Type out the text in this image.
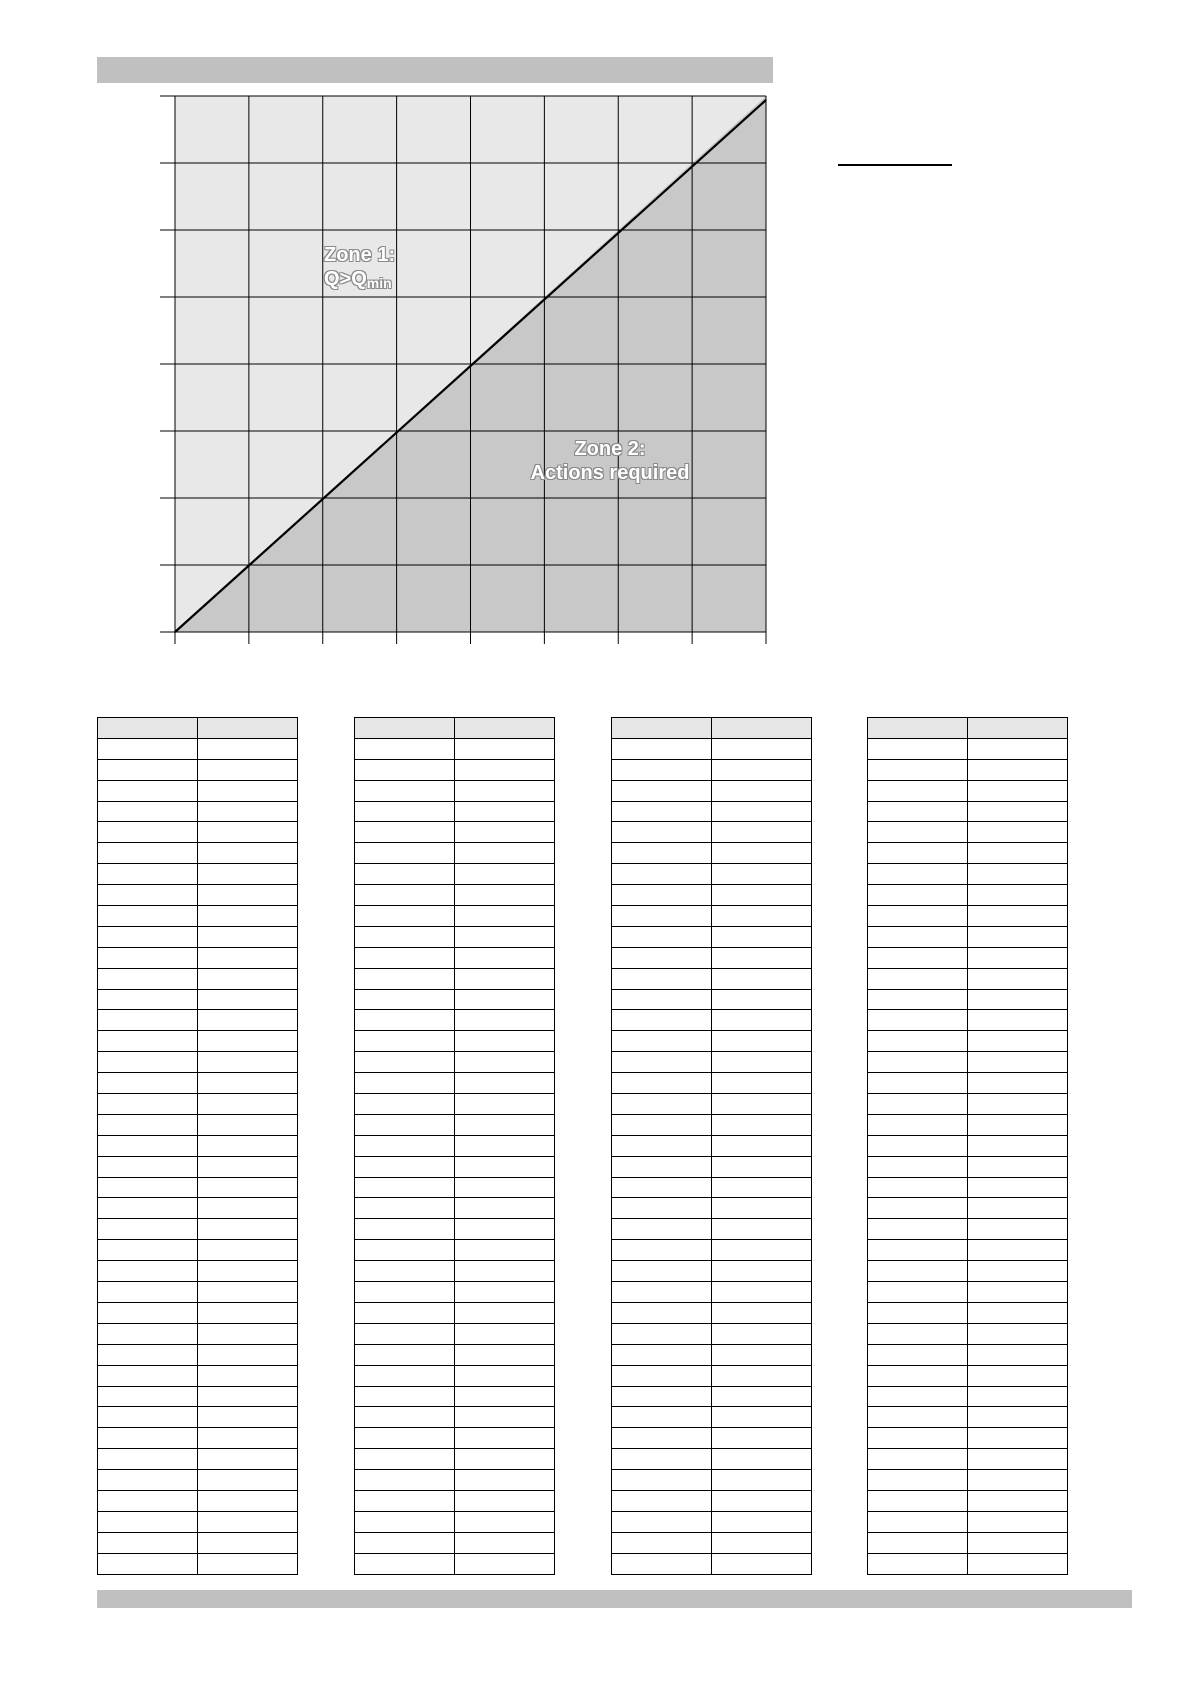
Zone 1:
$Q>Q_{min}$
Zone 2:
Actions required
